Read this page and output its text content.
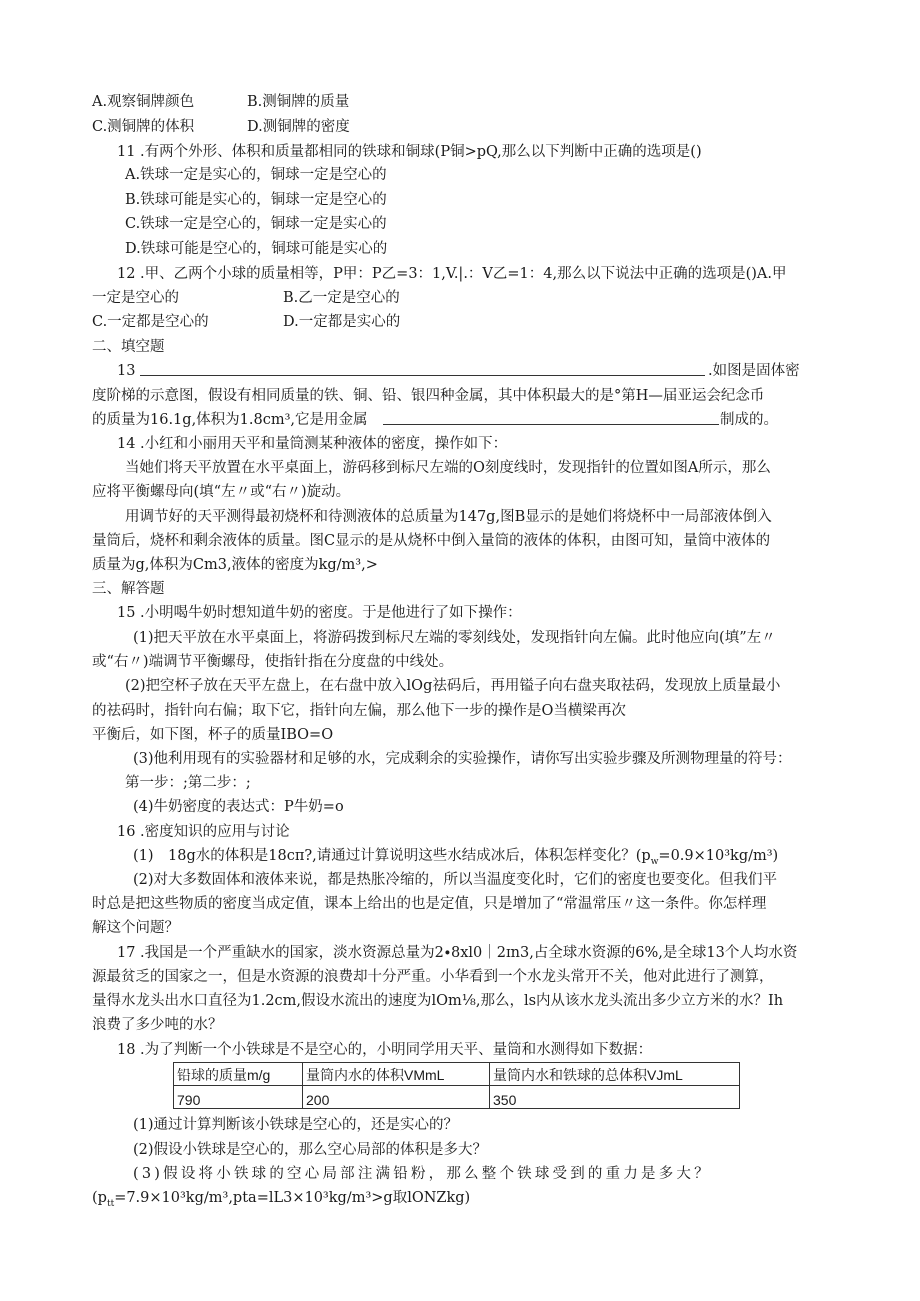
A.观察铜牌颜色	B.测铜牌的质量
C.测铜牌的体积	D.测铜牌的密度
11 .有两个外形、体积和质量都相同的铁球和铜球(P铜>pQ,那么以下判断中正确的选项是()
A.铁球一定是实心的，铜球一定是空心的
B.铁球可能是实心的，铜球一定是空心的
C.铁球一定是空心的，铜球一定是实心的
D.铁球可能是空心的，铜球可能是实心的
12 .甲、乙两个小球的质量相等，P甲：P乙=3：1,V.|.：V乙=1：4,那么以下说法中正确的选项是()A.甲
一定是空心的	B.乙一定是空心的
C.一定都是空心的	D.一定都是实心的
二、填空题
13	.如图是固体密
度阶梯的示意图，假设有相同质量的铁、铜、铅、银四种金属，其中体积最大的是°第H—届亚运会纪念币
的质量为16.1g,体积为1.8cm³,它是用金属	制成的。
14 .小红和小丽用天平和量筒测某种液体的密度，操作如下：
当她们将天平放置在水平桌面上，游码移到标尺左端的O刻度线时，发现指针的位置如图A所示，那么
应将平衡螺母向(填“左〃或“右〃)旋动。
用调节好的天平测得最初烧杯和待测液体的总质量为147g,图B显示的是她们将烧杯中一局部液体倒入
量筒后，烧杯和剩余液体的质量。图C显示的是从烧杯中倒入量筒的液体的体积，由图可知，量筒中液体的
质量为g,体积为Cm3,液体的密度为kg∕m³,>
三、解答题
15 .小明喝牛奶时想知道牛奶的密度。于是他进行了如下操作：
(1)把天平放在水平桌面上，将游码拨到标尺左端的零刻线处，发现指针向左偏。此时他应向(填”左〃
或“右〃)端调节平衡螺母，使指针指在分度盘的中线处。
(2)把空杯子放在天平左盘上，在右盘中放入lOg祛码后，再用镒子向右盘夹取祛码，发现放上质量最小
的祛码时，指针向右偏；取下它，指针向左偏，那么他下一步的操作是O当横梁再次
平衡后，如下图，杯子的质量IBO=O
(3)他利用现有的实验器材和足够的水，完成剩余的实验操作，请你写出实验步骤及所测物理量的符号：
第一步：;第二步：;
(4)牛奶密度的表达式：P牛奶=o
16 .密度知识的应用与讨论
(1)　18g水的体积是18cπ?,请通过计算说明这些水结成冰后，体积怎样变化？$(p_w=0.9\times 10^3kg∕m^3)$
(2)对大多数固体和液体来说，都是热胀冷缩的，所以当温度变化时，它们的密度也要变化。但我们平
时总是把这些物质的密度当成定值，课本上给出的也是定值，只是增加了“常温常压〃这一条件。你怎样理
解这个问题？
17 .我国是一个严重缺水的国家，淡水资源总量为2∙8xl0｜2ɪn3,占全球水资源的6%,是全球13个人均水资
源最贫乏的国家之一，但是水资源的浪费却十分严重。小华看到一个水龙头常开不关，他对此进行了测算，
量得水龙头出水口直径为1.2cm,假设水流出的速度为lOm⅛,那么，ls内从该水龙头流出多少立方米的水？Ih
浪费了多少吨的水？
18 .为了判断一个小铁球是不是空心的，小明同学用天平、量筒和水测得如下数据：
铅球的质量m/g	量筒内水的体积VMmL	量筒内水和铁球的总体积VJmL
790	200	350
(1)通过计算判断该小铁球是空心的，还是实心的？
(2)假设小铁球是空心的，那么空心局部的体积是多大？
(3)假设将小铁球的空心局部注满铅粉，那么整个铁球受到的重力是多大？
($p_{tt}=7.9\times 10^3kg∕m^3,pta=lL3\times 10^3kg∕m^3>g$取lONZkg)
